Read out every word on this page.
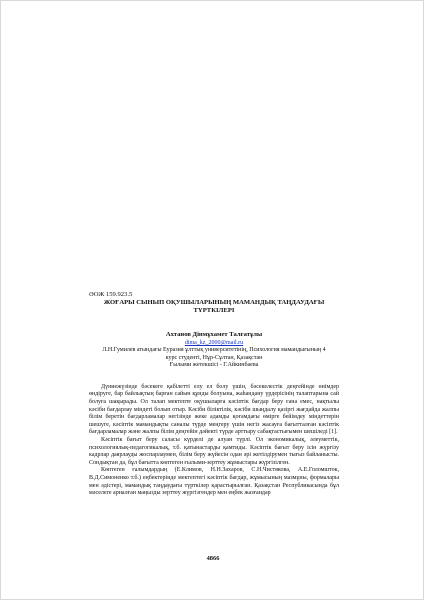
ӘОЖ 159.923.5

ЖОҒАРЫ СЫНЫП ОҚУШЫЛАРЫНЫҢ МАМАНДЫҚ ТАҢДАУДАҒЫ
ТҮРТКІЛЕРІ

Ахтанов Дінмұхамет Талғатұлы
dima_kz_2000@mail.ru
Л.Н.Гумилев атындағы Еуразия ұлттық университетінің, Психология мамандығының 4
курс студенті, Нұр-Сұлтан, Қазақстан
Ғылыми жетекшісі - Г.Айкинбаева

Дүниежүзінде бәсекеге қабілетті елу ел болу үшін, бәсекелестік деңгейінде өнімдер өндіруге, бар байлықтың барған сайын құнды болуына, жаһандану үрдерісінің талаптарына сай болуға шақырады. Ол талап мектепте оқушыларға кәсіптік бағдар беру ғана емес, нақтылы кәсіби бағдарлау міндеті болып отыр. Кәсіби біліктілік, кәсіби шыңдалу қазіргі жағдайда жалпы білім беретін бағдарламалар негізінде жеке адамды қоғамдағы өмірге бейімдеу міндеттерін шешуге, кәсіптік мамандықты саналы түрде меңгеру үшін негіз жасауға бағытталған кәсіптік бағдарламалар және жалпы білім деңгейін дәйекті түрде арттыру сабақтастығымен шешіледі [1].

Кәсіптік бағыт беру саласы күрделі де алуан түрлі. Ол экономикалық, әлеуметтік, психологиялық-педагогикалық, т.б. қатынастарды қамтиды. Кәсіптік бағыт беру ісін жүргізу кадрлар даярлауды жоспарлаумен, білім беру жүйесін одан әрі жетілдірумен тығыз байланысты. Сондықтан да, бұл бағытта көптеген ғылыми-зерттеу жұмыстары жүргізілген.

Көптеген ғалымдардың (Е.Климов, Н.Н.Захаров, С.Н.Чистякова, А.Е.Голомшток, В.Д.Симоненко т.б.) еңбектерінде мектептегі кәсіптік бағдар, жұмысының мазмұны, формалары мен әдістері, мамандық таңдаудағы түрткілер қарастырылған. Қазақстан Республикасында бұл мәселеге арналған маңызды зерттеу жүргізгендер мен еңбек жазғандар

4866
